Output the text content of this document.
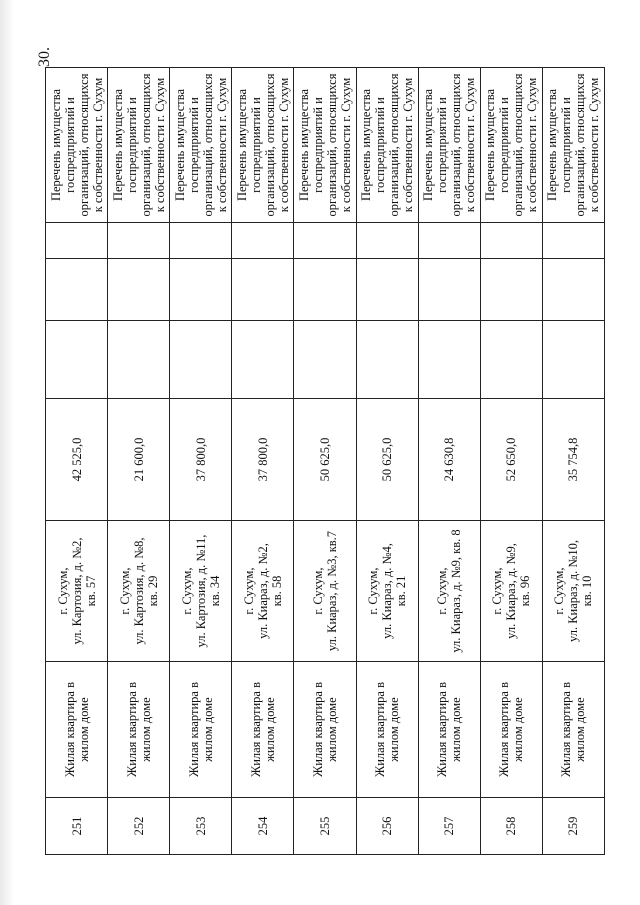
30.
251	Жилая квартира в жилом доме	г. Сухум, ул. Картозия, д. №2, кв. 57	42 525,0				Перечень имущества госпредприятий и организаций, относящихся к собственности г. Сухум
252	Жилая квартира в жилом доме	г. Сухум, ул. Картозия, д. №8, кв. 29	21 600,0				Перечень имущества госпредприятий и организаций, относящихся к собственности г. Сухум
253	Жилая квартира в жилом доме	г. Сухум, ул. Картозия, д. №11, кв. 34	37 800,0				Перечень имущества госпредприятий и организаций, относящихся к собственности г. Сухум
254	Жилая квартира в жилом доме	г. Сухум, ул. Киараз, д. №2, кв. 58	37 800,0				Перечень имущества госпредприятий и организаций, относящихся к собственности г. Сухум
255	Жилая квартира в жилом доме	г. Сухум, ул. Киараз, д. №3, кв.7	50 625,0				Перечень имущества госпредприятий и организаций, относящихся к собственности г. Сухум
256	Жилая квартира в жилом доме	г. Сухум, ул. Киараз, д. №4, кв. 21	50 625,0				Перечень имущества госпредприятий и организаций, относящихся к собственности г. Сухум
257	Жилая квартира в жилом доме	г. Сухум, ул. Киараз, д. №9, кв. 8	24 630,8				Перечень имущества госпредприятий и организаций, относящихся к собственности г. Сухум
258	Жилая квартира в жилом доме	г. Сухум, ул. Киараз, д. №9, кв. 96	52 650,0				Перечень имущества госпредприятий и организаций, относящихся к собственности г. Сухум
259	Жилая квартира в жилом доме	г. Сухум, ул. Киараз, д. №10, кв. 10	35 754,8				Перечень имущества госпредприятий и организаций, относящихся к собственности г. Сухум
